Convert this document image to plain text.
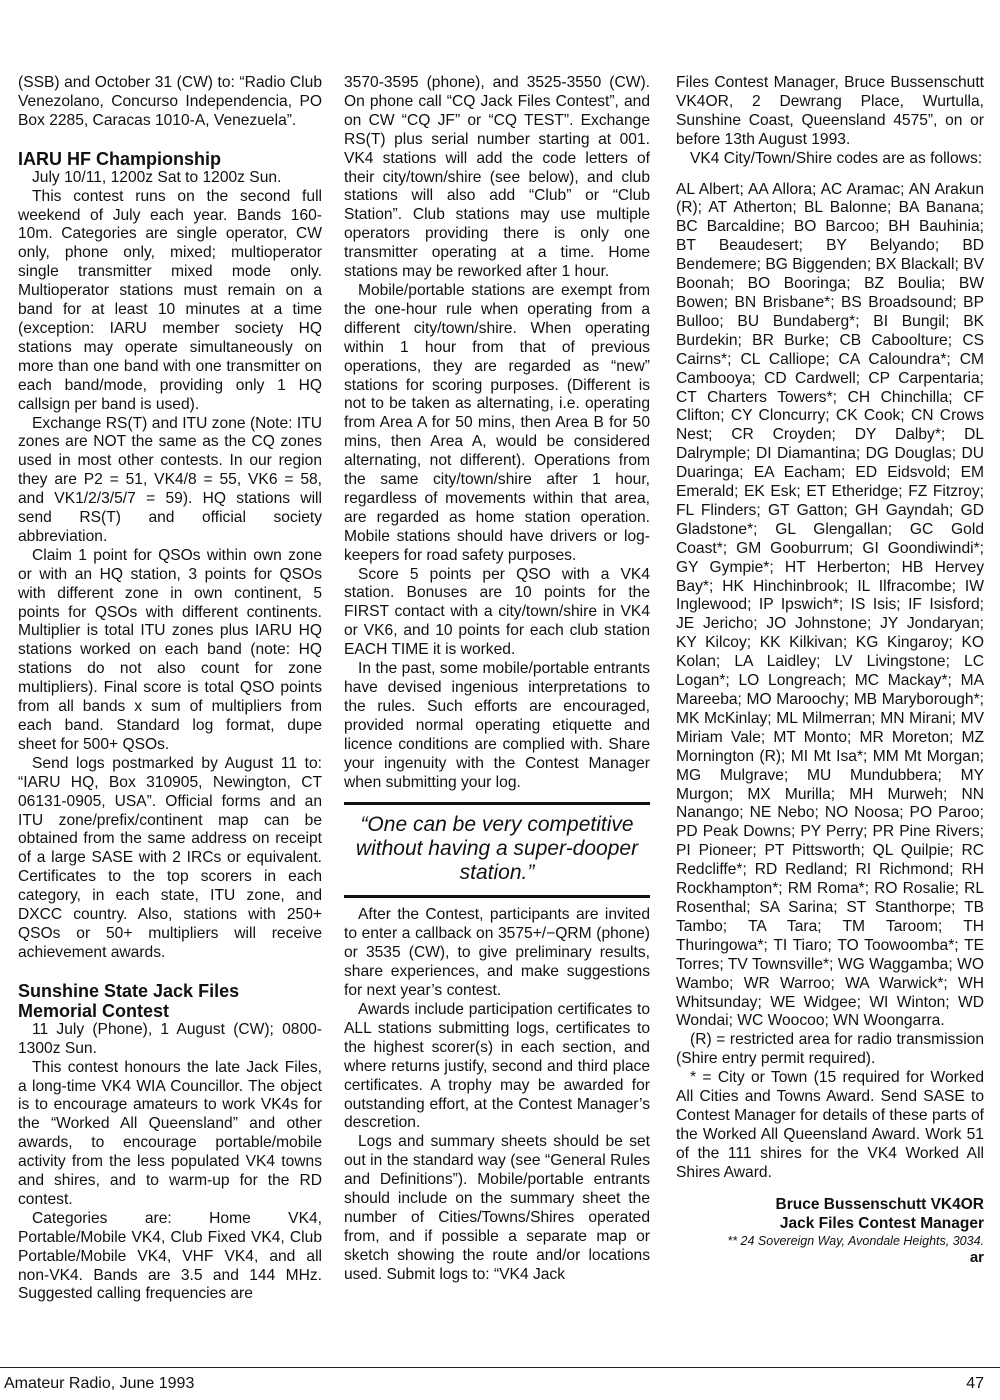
(SSB) and October 31 (CW) to: “Radio Club Venezolano, Concurso Independencia, PO Box 2285, Caracas 1010-A, Venezuela”.

IARU HF Championship

July 10/11, 1200z Sat to 1200z Sun.

This contest runs on the second full weekend of July each year. Bands 160-10m. Categories are single operator, CW only, phone only, mixed; multioperator single transmitter mixed mode only. Multioperator stations must remain on a band for at least 10 minutes at a time (exception: IARU member society HQ stations may operate simultaneously on more than one band with one transmitter on each band/mode, providing only 1 HQ callsign per band is used).

Exchange RS(T) and ITU zone (Note: ITU zones are NOT the same as the CQ zones used in most other contests. In our region they are P2 = 51, VK4/8 = 55, VK6 = 58, and VK1/2/3/5/7 = 59). HQ stations will send RS(T) and official society abbreviation.

Claim 1 point for QSOs within own zone or with an HQ station, 3 points for QSOs with different zone in own continent, 5 points for QSOs with different continents. Multiplier is total ITU zones plus IARU HQ stations worked on each band (note: HQ stations do not also count for zone multipliers). Final score is total QSO points from all bands x sum of multipliers from each band. Standard log format, dupe sheet for 500+ QSOs.

Send logs postmarked by August 11 to: “IARU HQ, Box 310905, Newington, CT 06131-0905, USA”. Official forms and an ITU zone/prefix/continent map can be obtained from the same address on receipt of a large SASE with 2 IRCs or equivalent. Certificates to the top scorers in each category, in each state, ITU zone, and DXCC country. Also, stations with 250+ QSOs or 50+ multipliers will receive achievement awards.

Sunshine State Jack Files
Memorial Contest

11 July (Phone), 1 August (CW); 0800-1300z Sun.

This contest honours the late Jack Files, a long-time VK4 WIA Councillor. The object is to encourage amateurs to work VK4s for the “Worked All Queensland” and other awards, to encourage portable/mobile activity from the less populated VK4 towns and shires, and to warm-up for the RD contest.

Categories are: Home VK4, Portable/Mobile VK4, Club Fixed VK4, Club Portable/Mobile VK4, VHF VK4, and all non-VK4. Bands are 3.5 and 144 MHz. Suggested calling frequencies are

3570-3595 (phone), and 3525-3550 (CW). On phone call “CQ Jack Files Contest”, and on CW “CQ JF” or “CQ TEST”. Exchange RS(T) plus serial number starting at 001. VK4 stations will add the code letters of their city/town/shire (see below), and club stations will also add “Club” or “Club Station”. Club stations may use multiple operators providing there is only one transmitter operating at a time. Home stations may be reworked after 1 hour.

Mobile/portable stations are exempt from the one-hour rule when operating from a different city/town/shire. When operating within 1 hour from that of previous operations, they are regarded as “new” stations for scoring purposes. (Different is not to be taken as alternating, i.e. operating from Area A for 50 mins, then Area B for 50 mins, then Area A, would be considered alternating, not different). Operations from the same city/town/shire after 1 hour, regardless of movements within that area, are regarded as home station operation. Mobile stations should have drivers or log-keepers for road safety purposes.

Score 5 points per QSO with a VK4 station. Bonuses are 10 points for the FIRST contact with a city/town/shire in VK4 or VK6, and 10 points for each club station EACH TIME it is worked.

In the past, some mobile/portable entrants have devised ingenious interpretations to the rules. Such efforts are encouraged, provided normal operating etiquette and licence conditions are complied with. Share your ingenuity with the Contest Manager when submitting your log.

“One can be very competitive without having a super-dooper station.”

After the Contest, participants are invited to enter a callback on 3575+/−QRM (phone) or 3535 (CW), to give preliminary results, share experiences, and make suggestions for next year’s contest.

Awards include participation certificates to ALL stations submitting logs, certificates to the highest scorer(s) in each section, and where returns justify, second and third place certificates. A trophy may be awarded for outstanding effort, at the Contest Manager’s descretion.

Logs and summary sheets should be set out in the standard way (see “General Rules and Definitions”). Mobile/portable entrants should include on the summary sheet the number of Cities/Towns/Shires operated from, and if possible a separate map or sketch showing the route and/or locations used. Submit logs to: “VK4 Jack

Files Contest Manager, Bruce Bussenschutt VK4OR, 2 Dewrang Place, Wurtulla, Sunshine Coast, Queensland 4575”, on or before 13th August 1993.

VK4 City/Town/Shire codes are as follows:

AL Albert; AA Allora; AC Aramac; AN Arakun (R); AT Atherton; BL Balonne; BA Banana; BC Barcaldine; BO Barcoo; BH Bauhinia; BT Beaudesert; BY Belyando; BD Bendemere; BG Biggenden; BX Blackall; BV Boonah; BO Booringa; BZ Boulia; BW Bowen; BN Brisbane*; BS Broadsound; BP Bulloo; BU Bundaberg*; BI Bungil; BK Burdekin; BR Burke; CB Caboolture; CS Cairns*; CL Calliope; CA Caloundra*; CM Cambooya; CD Cardwell; CP Carpentaria; CT Charters Towers*; CH Chinchilla; CF Clifton; CY Cloncurry; CK Cook; CN Crows Nest; CR Croyden; DY Dalby*; DL Dalrymple; DI Diamantina; DG Douglas; DU Duaringa; EA Eacham; ED Eidsvold; EM Emerald; EK Esk; ET Etheridge; FZ Fitzroy; FL Flinders; GT Gatton; GH Gayndah; GD Gladstone*; GL Glengallan; GC Gold Coast*; GM Gooburrum; GI Goondiwindi*; GY Gympie*; HT Herberton; HB Hervey Bay*; HK Hinchinbrook; IL Ilfracombe; IW Inglewood; IP Ipswich*; IS Isis; IF Isisford; JE Jericho; JO Johnstone; JY Jondaryan; KY Kilcoy; KK Kilkivan; KG Kingaroy; KO Kolan; LA Laidley; LV Livingstone; LC Logan*; LO Longreach; MC Mackay*; MA Mareeba; MO Maroochy; MB Maryborough*; MK McKinlay; ML Milmerran; MN Mirani; MV Miriam Vale; MT Monto; MR Moreton; MZ Mornington (R); MI Mt Isa*; MM Mt Morgan; MG Mulgrave; MU Mundubbera; MY Murgon; MX Murilla; MH Murweh; NN Nanango; NE Nebo; NO Noosa; PO Paroo; PD Peak Downs; PY Perry; PR Pine Rivers; PI Pioneer; PT Pittsworth; QL Quilpie; RC Redcliffe*; RD Redland; RI Richmond; RH Rockhampton*; RM Roma*; RO Rosalie; RL Rosenthal; SA Sarina; ST Stanthorpe; TB Tambo; TA Tara; TM Taroom; TH Thuringowa*; TI Tiaro; TO Toowoomba*; TE Torres; TV Townsville*; WG Waggamba; WO Wambo; WR Warroo; WA Warwick*; WH Whitsunday; WE Widgee; WI Winton; WD Wondai; WC Woocoo; WN Woongarra.

(R) = restricted area for radio transmission (Shire entry permit required).

* = City or Town (15 required for Worked All Cities and Towns Award. Send SASE to Contest Manager for details of these parts of the Worked All Queensland Award. Work 51 of the 111 shires for the VK4 Worked All Shires Award.

Bruce Bussenschutt VK4OR
Jack Files Contest Manager
** 24 Sovereign Way, Avondale Heights, 3034.
ar
Amateur Radio, June 1993	47
